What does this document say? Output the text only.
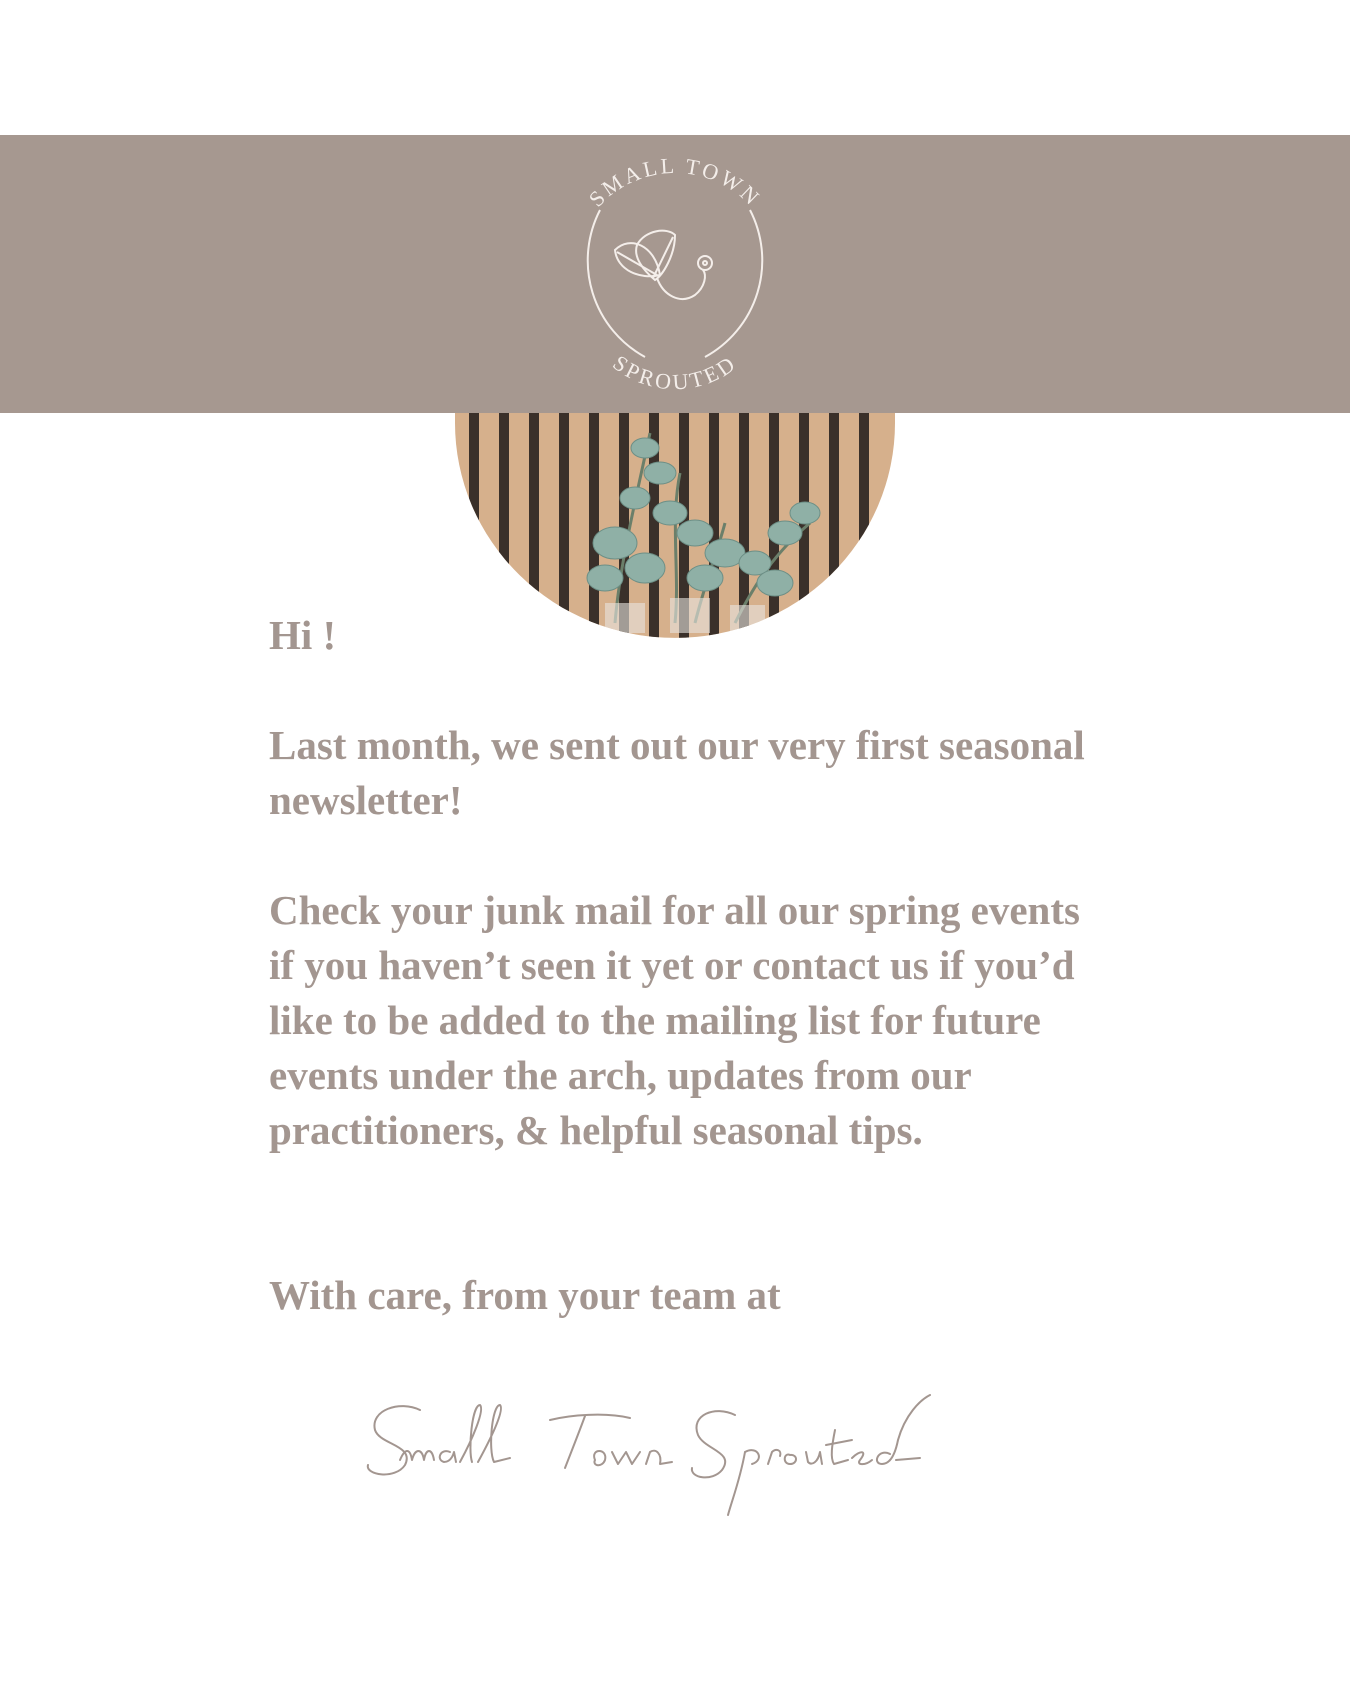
SMALL TOWN
SPROUTED

Hi !

Last month, we sent out our very first seasonal newsletter!

Check your junk mail for all our spring events if you haven’t seen it yet or contact us if you’d like to be added to the mailing list for future events under the arch, updates from our practitioners, & helpful seasonal tips.

With care, from your team at
